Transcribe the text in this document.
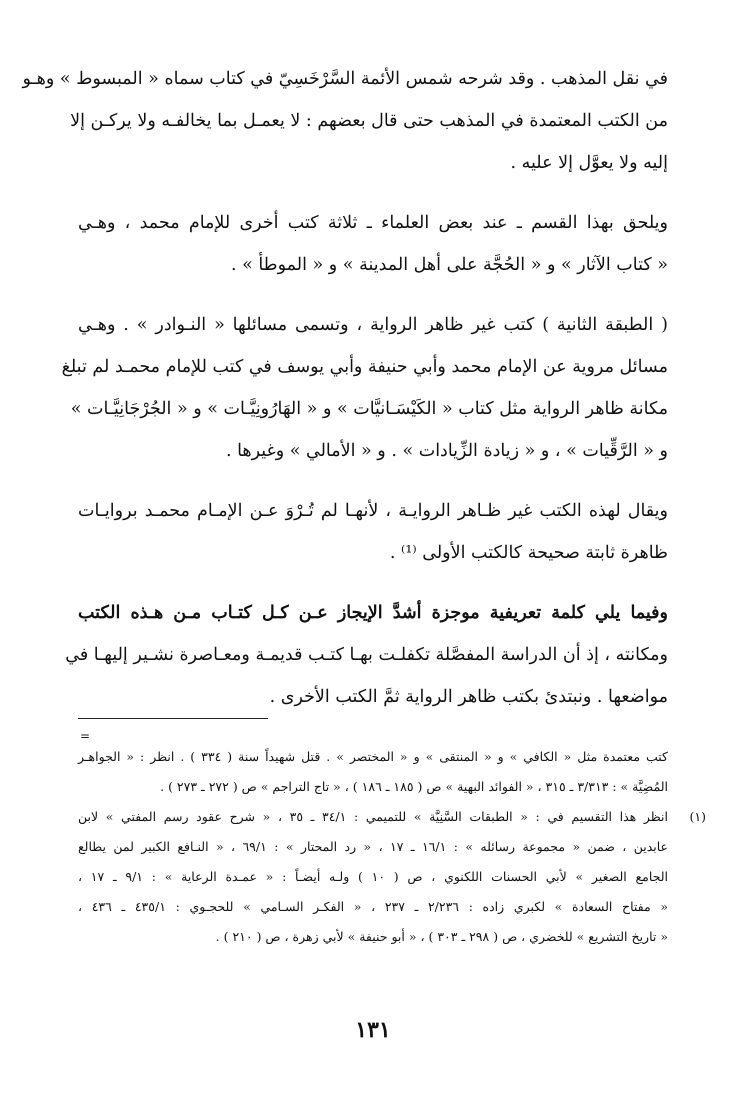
في نقل المذهب . وقد شرحه شمس الأئمة السَّرْخَسِيّ في كتاب سماه « المبسوط » وهـو
من الكتب المعتمدة في المذهب حتى قال بعضهم : لا يعمـل بما يخالفـه ولا يركـن إلا
إليه ولا يعوَّل إلا عليه .
ويلحق بهذا القسم ـ عند بعض العلماء ـ ثلاثة كتب أخرى للإمام محمد ، وهـي
« كتاب الآثار » و « الحُجَّة على أهل المدينة » و « الموطأ » .
( الطبقة الثانية ) كتب غير ظاهر الرواية ، وتسمى مسائلها « النـوادر » . وهـي
مسائل مروية عن الإمام محمد وأبي حنيفة وأبي يوسف في كتب للإمام محمـد لم تبلغ
مكانة ظاهر الرواية مثل كتاب « الكَيْسَـانيَّات » و « الهَارُونِيَّـات » و « الجُرْجَانِيَّـات »
و « الرَّقِّيات » ، و « زيادة الزِّيادات » . و « الأمالي » وغيرها .
ويقال لهذه الكتب غير ظـاهر الروايـة ، لأنهـا لم تُـرْوَ عـن الإمـام محمـد بروايـات
ظاهرة ثابتة صحيحة كالكتب الأولى ⁽¹⁾ .
وفيما يلي كلمة تعريفية موجزة أشدَّ الإيجاز عـن كـل كتـاب مـن هـذه الكتب
ومكانته ، إذ أن الدراسة المفصَّلة تكفلـت بهـا كتـب قديمـة ومعـاصرة نشـير إليهـا في
مواضعها . ونبتدئ بكتب ظاهر الرواية ثمَّ الكتب الأخرى .
=
كتب معتمدة مثل « الكافي » و « المنتقى » و « المختصر » . قتل شهيداً سنة ( ٣٣٤ ) . انظر : « الجواهـر
المُضِيَّة » : ٣/٣١٣ ـ ٣١٥ ، « الفوائد البهية » ص ( ١٨٥ ـ ١٨٦ ) ، « تاج التراجم » ص ( ٢٧٢ ـ ٢٧٣ ) .
(١)
انظر هذا التقسيم في : « الطبقات السَّنِيَّة » للتميمي : ٣٤/١ ـ ٣٥ ، « شرح عقود رسم المفتي » لابن
عابدين ، ضمن « مجموعة رسائله » : ١٦/١ ـ ١٧ ، « رد المحتار » : ٦٩/١ ، « النـافع الكبير لمن يطالع
الجامع الصغير » لأبي الحسنات اللكنوي ، ص ( ١٠ ) ولـه أيضـاً : « عمـدة الرعاية » : ٩/١ ـ ١٧ ،
« مفتاح السعادة » لكبري زاده : ٢/٢٣٦ ـ ٢٣٧ ، « الفكـر السـامي » للحجـوي : ٤٣٥/١ ـ ٤٣٦ ،
« تاريخ التشريع » للخضري ، ص ( ٢٩٨ ـ ٣٠٣ ) ، « أبو حنيفة » لأبي زهرة ، ص ( ٢١٠ ) .
١٣١
